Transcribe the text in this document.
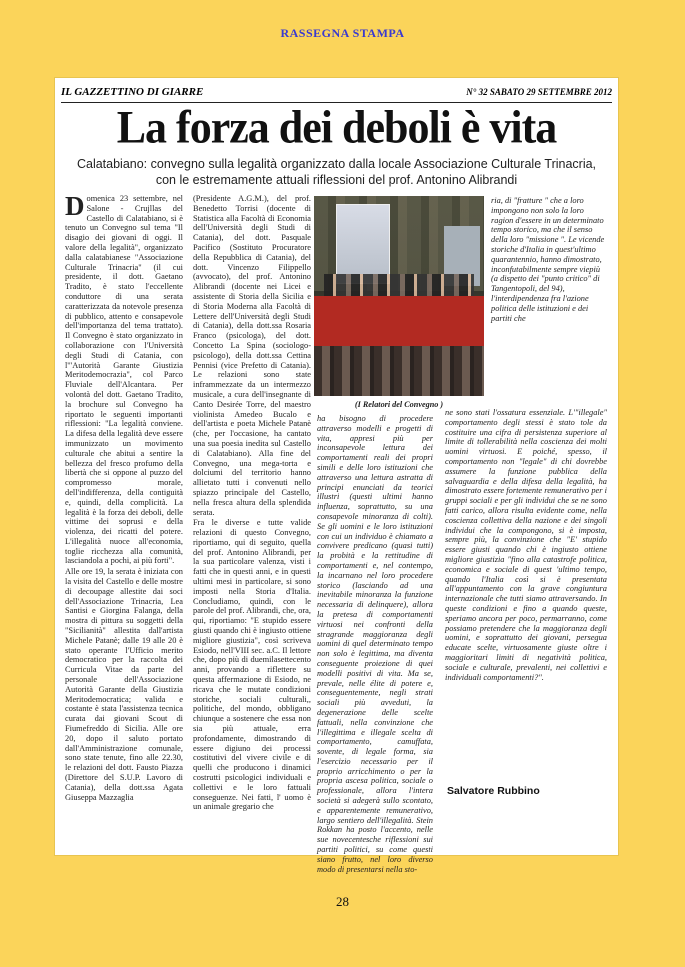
RASSEGNA STAMPA
IL GAZZETTINO DI GIARRE	N° 32 SABATO 29 SETTEMBRE 2012
La forza dei deboli è vita
Calatabiano: convegno sulla legalità organizzato dalla locale Associazione Culturale Trinacria, con le estremamente attuali riflessioni del prof. Antonino Alibrandi

Domenica 23 settembre, nel Salone - Crujllas del Castello di Calatabiano, si è tenuto un Convegno sul tema "Il disagio dei giovani di oggi. Il valore della legalità", organizzato dalla calatabianese "Associazione Culturale Trinacria" (il cui presidente, il dott. Gaetano Tradito, è stato l'eccellente conduttore di una serata caratterizzata da notevole presenza di pubblico, attento e consapevole dell'importanza del tema trattato). Il Convegno è stato organizzato in collaborazione con l'Università degli Studi di Catania, con l'"Autorità Garante Giustizia Meritodemocrazia", col Parco Fluviale dell'Alcantara. Per volontà del dott. Gaetano Tradito, la brochure sul Convegno ha riportato le seguenti importanti riflessioni: "La legalità conviene. La difesa della legalità deve essere immunizzato un movimento culturale che abitui a sentire la bellezza del fresco profumo della libertà che si oppone al puzzo del compromesso morale, dell'indifferenza, della contiguità e, quindi, della complicità. La legalità è la forza dei deboli, delle vittime dei soprusi e della violenza, dei ricatti del potere. L'illegalità nuoce all'economia, toglie ricchezza alla comunità, lasciandola a pochi, ai più forti".

Alle ore 19, la serata è iniziata con la visita del Castello e delle mostre di decoupage allestite dai soci dell'Associazione Trinacria, Lea Santisi e Giorgina Falanga, della mostra di pittura su soggetti della "Sicilianità" allestita dall'artista Michele Patanè; dalle 19 alle 20 è stato operante l'Ufficio merito democratico per la raccolta dei Curricula Vitae da parte del personale dell'Associazione Autorità Garante della Giustizia Meritodemocratica; valida e costante è stata l'assistenza tecnica curata dai giovani Scout di Fiumefreddo di Sicilia. Alle ore 20, dopo il saluto portato dall'Amministrazione comunale, sono state tenute, fino alle 22.30, le relazioni del dott. Fausto Piazza (Direttore del S.U.P. Lavoro di Catania), della dott.ssa Agata Giuseppa Mazzaglia

(Presidente A.G.M.), del prof. Benedetto Torrisi (docente di Statistica alla Facoltà di Economia dell'Università degli Studi di Catania), del dott. Pasquale Pacifico (Sostituto Procuratore della Repubblica di Catania), del dott. Vincenzo Filippello (avvocato), del prof. Antonino Alibrandi (docente nei Licei e assistente di Storia della Sicilia e di Storia Moderna alla Facoltà di Lettere dell'Università degli Studi di Catania), della dott.ssa Rosaria Franco (psicologa), del dott. Concetto La Spina (sociologo-psicologo), della dott.ssa Cettina Pennisi (vice Prefetto di Catania). Le relazioni sono state inframmezzate da un intermezzo musicale, a cura dell'insegnante di Canto Desirée Torre, del maestro violinista Amedeo Bucalo e dell'artista e poeta Michele Patanè (che, per l'occasione, ha cantato una sua poesia inedita sul Castello di Calatabiano). Alla fine del Convegno, una mega-torta e dolciumi del territorio hanno allietato tutti i convenuti nello spiazzo principale del Castello, nella fresca altura della splendida serata.

Fra le diverse e tutte valide relazioni di questo Convegno, riportiamo, qui di seguito, quella del prof. Antonino Alibrandi, per la sua particolare valenza, visti i fatti che in questi anni, e in questi ultimi mesi in particolare, si sono imposti nella Storia d'Italia. Concludiamo, quindi, con le parole del prof. Alibrandi, che, ora, qui, riportiamo: "E stupido essere giusti quando chi è ingiusto ottiene migliore giustizia", così scriveva Esiodo, nell'VIII sec. a.C. Il lettore che, dopo più di duemilasettecento anni, provando a riflettere su questa affermazione di Esiodo, ne ricava che le mutate condizioni storiche, sociali culturali,, politiche, del mondo, obbligano chiunque a sostenere che essa non sia più attuale, erra profondamente, dimostrando di essere digiuno dei processi costitutivi del vivere civile e di quelli che producono i dinamici costrutti psicologici individuali e collettivi e le loro fattuali conseguenze. Nei fatti, l' uomo è un animale gregario che

(I Relatori del Convegno )

ha bisogno di procedere attraverso modelli e progetti di vita, appresi più per inconsapevole lettura dei comportamenti reali dei propri simili e delle loro istituzioni che attraverso una lettura astratta di principi enunciati da teorici illustri (questi ultimi hanno influenza, soprattutto, su una consapevole minoranza di colti). Se gli uomini e le loro istituzioni con cui un individuo è chiamato a convivere predicano (quasi tutti) la probità e la rettitudine di comportamenti e, nel contempo, la incarnano nel loro procedere storico (lasciando ad una inevitabile minoranza la funzione necessaria di delinquere), allora la pretesa di comportamenti virtuosi nei confronti della stragrande maggioranza degli uomini di quel determinato tempo non solo è legittima, ma diventa conseguente proiezione di quei modelli positivi di vita. Ma se, prevale, nelle élite di potere e, conseguentemente, negli strati sociali più avveduti, la degenerazione delle scelte fattuali, nella convinzione che l'illegittima e illegale scelta di comportamento, camuffata, sovente, di legale forma, sia l'esercizio necessario per il proprio arricchimento o per la propria ascesa politica, sociale o professionale, allora l'intera società si adegerà sullo scontato, e apparentemente remunerativo, largo sentiero dell'illegalità. Stein Rokkan ha posto l'accento, nelle sue novecentesche riflessioni sui partiti politici, su come questi siano frutto, nel loro diverso modo di presentarsi nella sto-

ria, di "fratture " che a loro impongono non solo la loro ragion d'essere in un determinato tempo storico, ma che il senso della loro "missione ". Le vicende storiche d'Italia in quest'ultimo quarantennio, hanno dimostrato, inconfutabilmente sempre viepiù (a dispetto dei "punto critico" di Tangentopoli, del 94), l'interdipendenza fra l'azione politica delle istituzioni e dei partiti che

ne sono stati l'ossatura essenziale. L'"illegale" comportamento degli stessi è stato tole da costituire una cifra di persistenza superiore al limite di tollerabilità nella coscienza dei molti uomini virtuosi. E poiché, spesso, il comportamento non "legale" di chi dovrebbe assumere la funzione pubblica della salvaguardia e della difesa della legalità, ha dimostrato essere fortemente remunerativo per i gruppi sociali e per gli individui che se ne sono fatti carico, allora risulta evidente come, nella coscienza collettiva della nazione e dei singoli individui che la compongono, si è imposta, sempre più, la convinzione che "E' stupido essere giusti quando chi è ingiusto ottiene migliore giustizia "fino alla catastrofe politica, economica e sociale di quest 'ultimo tempo, quando l'Italia così si è presentata all'appuntamento con la grave congiuntura internazionale che tutti siamo attraversando. In queste condizioni e fino a quando queste, speriamo ancora per poco, permarranno, come possiamo pretendere che la maggioranza degli uomini, e soprattutto dei giovani, persegua educate scelte, virtuosamente giuste oltre i maggioritari limiti di negatività politica, sociale e culturale, prevalenti, nei collettivi e individuali comportamenti?".

Salvatore Rubbino
28
